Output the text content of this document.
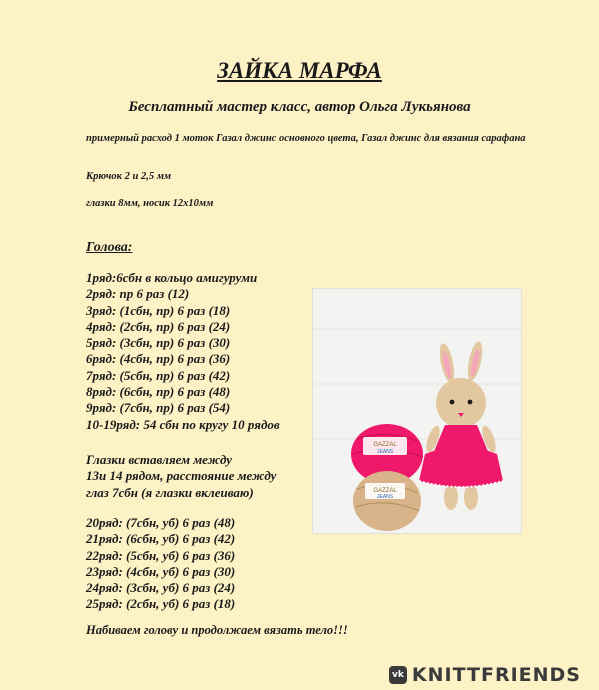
ЗАЙКА МАРФА
Бесплатный мастер класс, автор Ольга Лукьянова
примерный расход 1 моток Газал джинс основного цвета, Газал джинс для вязания сарафана
Крючок 2 и 2,5 мм
глазки 8мм, носик 12х10мм
Голова:
1ряд:6сбн в кольцо амигуруми
2ряд: пр 6 раз (12)
3ряд: (1сбн, пр) 6 раз (18)
4ряд: (2сбн, пр) 6 раз (24)
5ряд: (3сбн, пр) 6 раз (30)
6ряд: (4сбн, пр) 6 раз (36)
7ряд: (5сбн, пр) 6 раз (42)
8ряд: (6сбн, пр) 6 раз (48)
9ряд: (7сбн, пр) 6 раз (54)
10-19ряд: 54 сбн по кругу 10 рядов
Глазки вставляем между
13и 14 рядом, расстояние между
глаз 7сбн (я глазки вклеиваю)
20ряд: (7сбн, уб) 6 раз (48)
21ряд: (6сбн, уб) 6 раз (42)
22ряд: (5сбн, уб) 6 раз (36)
23ряд: (4сбн, уб) 6 раз (30)
24ряд: (3сбн, уб) 6 раз (24)
25ряд: (2сбн, уб) 6 раз (18)
Набиваем голову и продолжаем вязать тело!!!
GAZZAL
JEANS
GAZZAL
JEANS
vk KNITTFRIENDS
